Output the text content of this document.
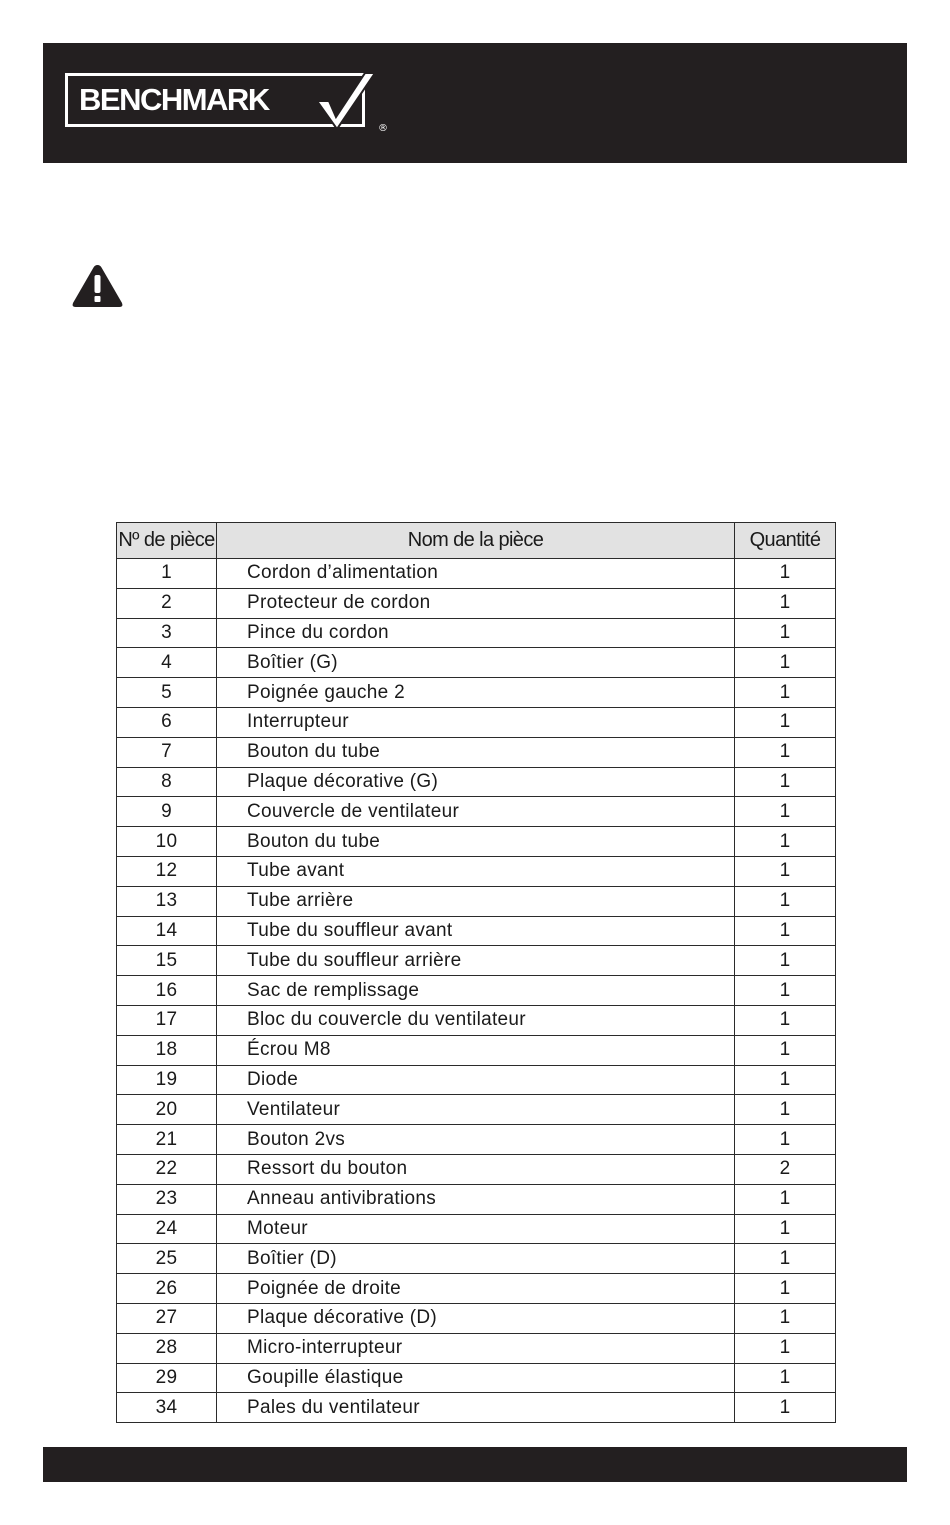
BENCHMARK
®
Nº de pièce	Nom de la pièce	Quantité
1	Cordon d’alimentation	1
2	Protecteur de cordon	1
3	Pince du cordon	1
4	Boîtier (G)	1
5	Poignée gauche 2	1
6	Interrupteur	1
7	Bouton du tube	1
8	Plaque décorative (G)	1
9	Couvercle de ventilateur	1
10	Bouton du tube	1
12	Tube avant	1
13	Tube arrière	1
14	Tube du souffleur avant	1
15	Tube du souffleur arrière	1
16	Sac de remplissage	1
17	Bloc du couvercle du ventilateur	1
18	Écrou M8	1
19	Diode	1
20	Ventilateur	1
21	Bouton 2vs	1
22	Ressort du bouton	2
23	Anneau antivibrations	1
24	Moteur	1
25	Boîtier (D)	1
26	Poignée de droite	1
27	Plaque décorative (D)	1
28	Micro-interrupteur	1
29	Goupille élastique	1
34	Pales du ventilateur	1
